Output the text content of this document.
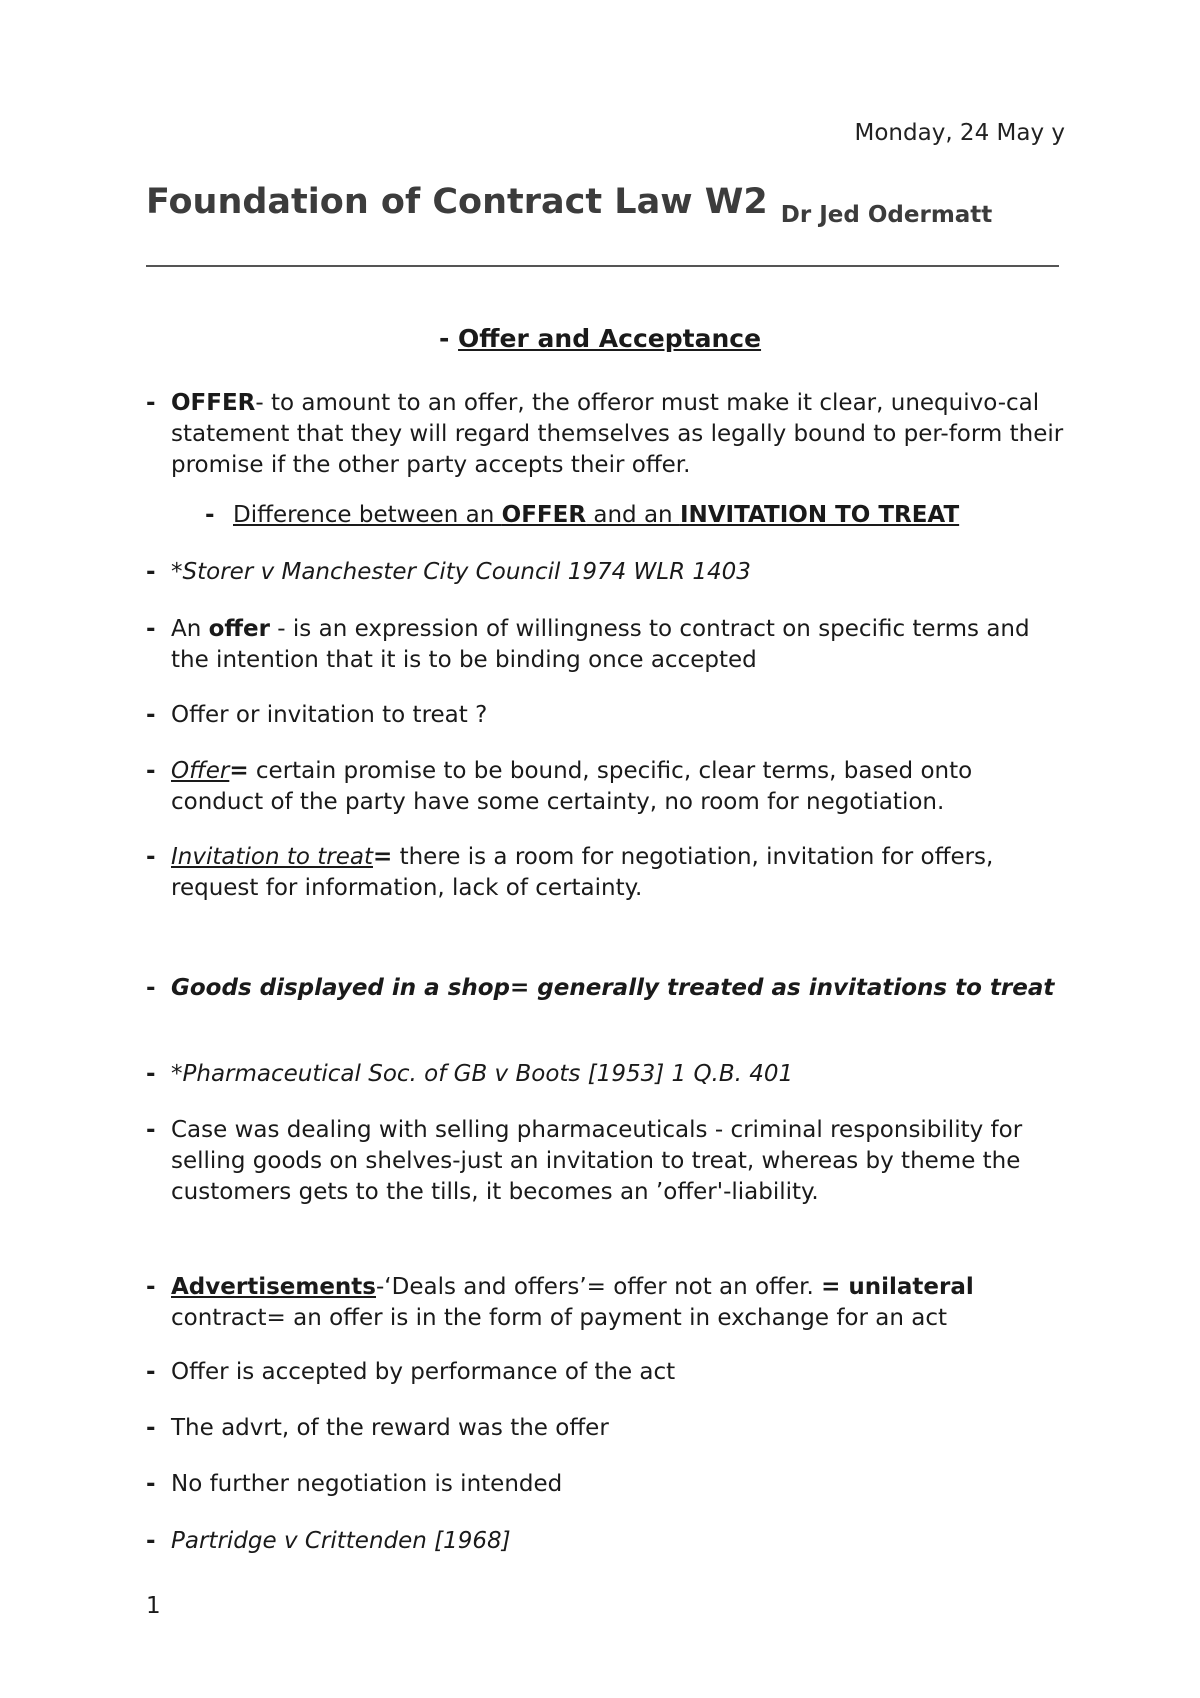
Monday, 24 May y
Foundation of Contract Law W2 Dr Jed Odermatt
- Offer and Acceptance
- OFFER- to amount to an offer, the offeror must make it clear, unequivo-cal statement that they will regard themselves as legally bound to per-form their promise if the other party accepts their offer.
- Difference between an OFFER and an INVITATION TO TREAT
- *Storer v Manchester City Council 1974 WLR 1403
- An offer - is an expression of willingness to contract on specific terms and the intention that it is to be binding once accepted
- Offer or invitation to treat ?
- Offer= certain promise to be bound, specific, clear terms, based onto conduct of the party have some certainty, no room for negotiation.
- Invitation to treat= there is a room for negotiation, invitation for offers, request for information, lack of certainty.
- Goods displayed in a shop= generally treated as invitations to treat
- *Pharmaceutical Soc. of GB v Boots [1953] 1 Q.B. 401
- Case was dealing with selling pharmaceuticals - criminal responsibility for selling goods on shelves-just an invitation to treat, whereas by theme the customers gets to the tills, it becomes an ’offer'-liability.
- Advertisements-‘Deals and offers’= offer not an offer. = unilateral contract= an offer is in the form of payment in exchange for an act
- Offer is accepted by performance of the act
- The advrt, of the reward was the offer
- No further negotiation is intended
- Partridge v Crittenden [1968]
1
